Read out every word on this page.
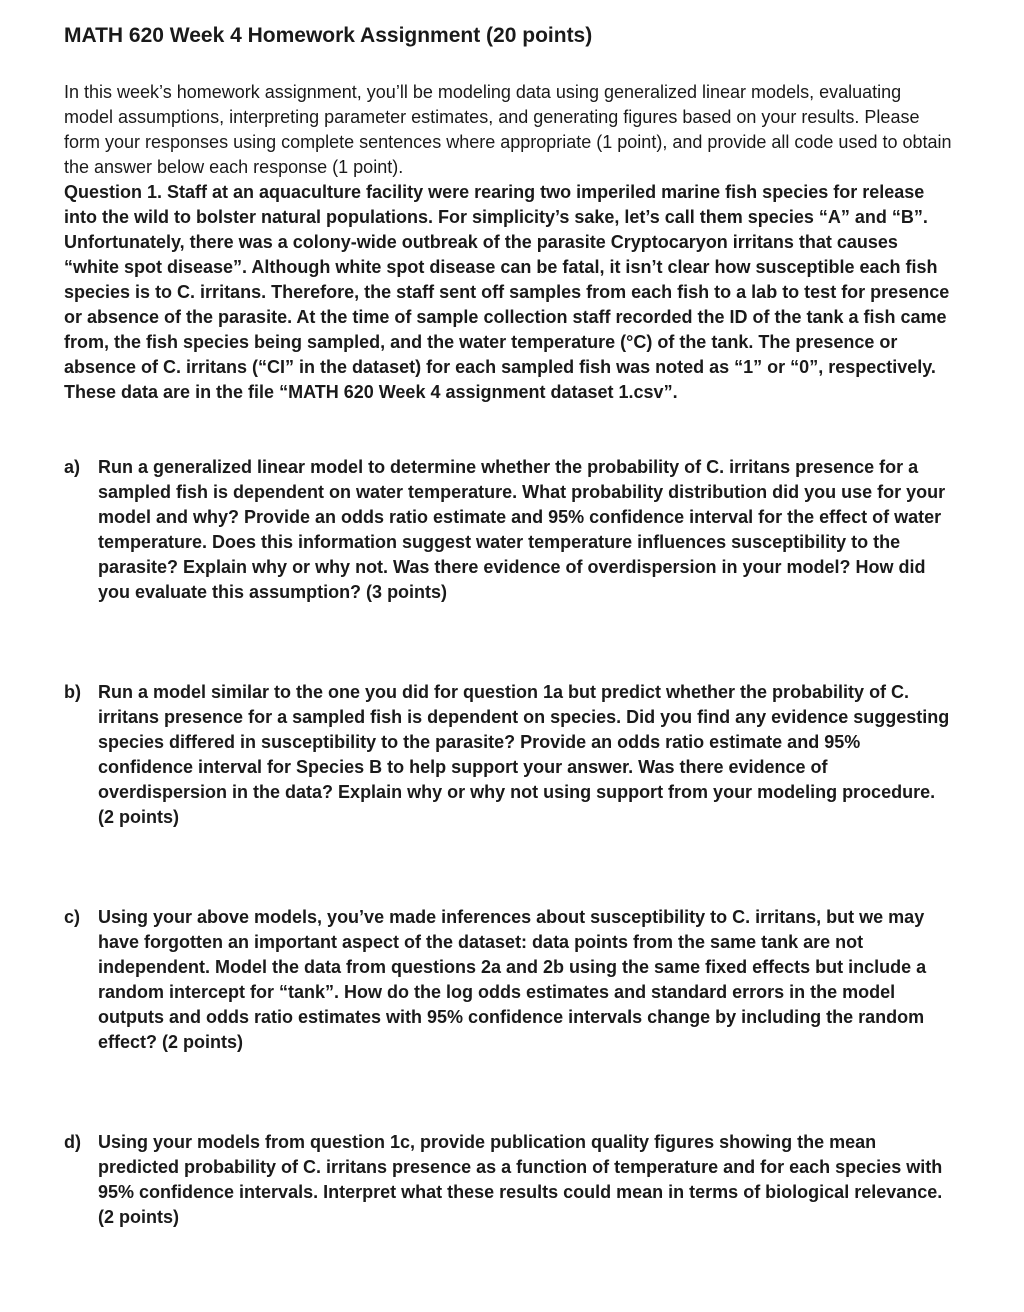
MATH 620 Week 4 Homework Assignment (20 points)

In this week’s homework assignment, you’ll be modeling data using generalized linear models, evaluating model assumptions, interpreting parameter estimates, and generating figures based on your results. Please form your responses using complete sentences where appropriate (1 point), and provide all code used to obtain the answer below each response (1 point).

Question 1. Staff at an aquaculture facility were rearing two imperiled marine fish species for release into the wild to bolster natural populations. For simplicity’s sake, let’s call them species “A” and “B”. Unfortunately, there was a colony-wide outbreak of the parasite Cryptocaryon irritans that causes “white spot disease”. Although white spot disease can be fatal, it isn’t clear how susceptible each fish species is to C. irritans. Therefore, the staff sent off samples from each fish to a lab to test for presence or absence of the parasite. At the time of sample collection staff recorded the ID of the tank a fish came from, the fish species being sampled, and the water temperature (°C) of the tank. The presence or absence of C. irritans (“CI” in the dataset) for each sampled fish was noted as “1” or “0”, respectively. These data are in the file “MATH 620 Week 4 assignment dataset 1.csv”.

a) Run a generalized linear model to determine whether the probability of C. irritans presence for a sampled fish is dependent on water temperature. What probability distribution did you use for your model and why? Provide an odds ratio estimate and 95% confidence interval for the effect of water temperature. Does this information suggest water temperature influences susceptibility to the parasite? Explain why or why not. Was there evidence of overdispersion in your model? How did you evaluate this assumption? (3 points)
b) Run a model similar to the one you did for question 1a but predict whether the probability of C. irritans presence for a sampled fish is dependent on species. Did you find any evidence suggesting species differed in susceptibility to the parasite? Provide an odds ratio estimate and 95% confidence interval for Species B to help support your answer. Was there evidence of overdispersion in the data? Explain why or why not using support from your modeling procedure. (2 points)
c) Using your above models, you’ve made inferences about susceptibility to C. irritans, but we may have forgotten an important aspect of the dataset: data points from the same tank are not independent. Model the data from questions 2a and 2b using the same fixed effects but include a random intercept for “tank”. How do the log odds estimates and standard errors in the model outputs and odds ratio estimates with 95% confidence intervals change by including the random effect? (2 points)
d) Using your models from question 1c, provide publication quality figures showing the mean predicted probability of C. irritans presence as a function of temperature and for each species with 95% confidence intervals. Interpret what these results could mean in terms of biological relevance. (2 points)
